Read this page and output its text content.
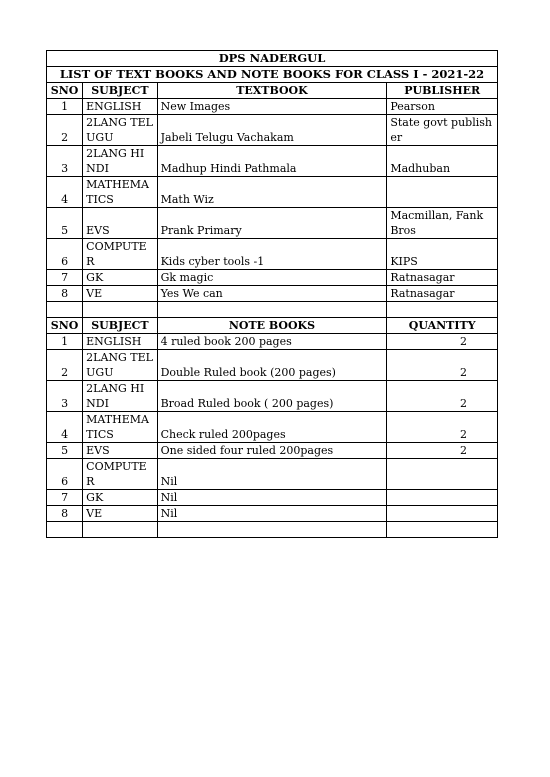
DPS NADERGUL			
LIST OF TEXT BOOKS AND NOTE BOOKS FOR CLASS I - 2021-22			
SNO	SUBJECT	TEXTBOOK	PUBLISHER
1	ENGLISH	New Images	Pearson
2	2LANG TELUGU	Jabeli Telugu Vachakam	State govt publisher
3	2LANG HINDI	Madhup Hindi Pathmala	Madhuban
4	MATHEMATICS	Math Wiz	
5	EVS	Prank Primary	Macmillan, Fank Bros
6	COMPUTER	Kids cyber tools -1	KIPS
7	GK	Gk magic	Ratnasagar
8	VE	Yes We can	Ratnasagar

SNO	SUBJECT	NOTE BOOKS	QUANTITY
1	ENGLISH	4 ruled book 200 pages	2
2	2LANG TELUGU	Double Ruled book (200 pages)	2
3	2LANG HINDI	Broad Ruled book ( 200 pages)	2
4	MATHEMATICS	Check ruled 200pages	2
5	EVS	One sided four ruled 200pages	2
6	COMPUTER	Nil	
7	GK	Nil	
8	VE	Nil	
